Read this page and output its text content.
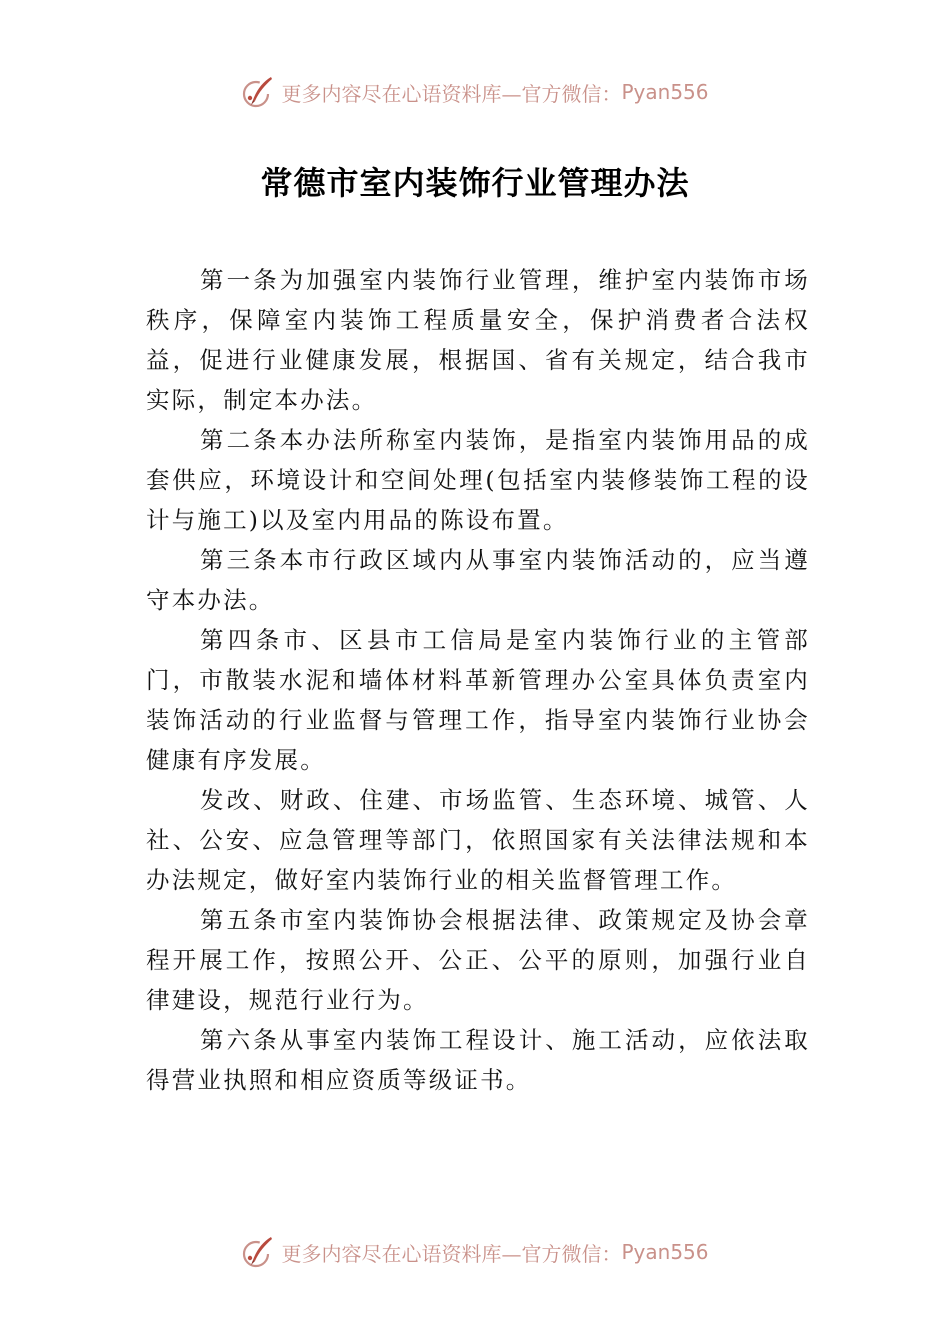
更多内容尽在心语资料库—官方微信： Pyan556
常德市室内装饰行业管理办法

第一条为加强室内装饰行业管理，维护室内装饰市场秩序，保障室内装饰工程质量安全，保护消费者合法权益，促进行业健康发展，根据国、省有关规定，结合我市实际，制定本办法。

第二条本办法所称室内装饰，是指室内装饰用品的成套供应，环境设计和空间处理(包括室内装修装饰工程的设计与施工)以及室内用品的陈设布置。

第三条本市行政区域内从事室内装饰活动的，应当遵守本办法。

第四条市、区县市工信局是室内装饰行业的主管部门，市散装水泥和墙体材料革新管理办公室具体负责室内装饰活动的行业监督与管理工作，指导室内装饰行业协会健康有序发展。

发改、财政、住建、市场监管、生态环境、城管、人社、公安、应急管理等部门，依照国家有关法律法规和本办法规定，做好室内装饰行业的相关监督管理工作。

第五条市室内装饰协会根据法律、政策规定及协会章程开展工作，按照公开、公正、公平的原则，加强行业自律建设，规范行业行为。

第六条从事室内装饰工程设计、施工活动，应依法取得营业执照和相应资质等级证书。

更多内容尽在心语资料库—官方微信： Pyan556
